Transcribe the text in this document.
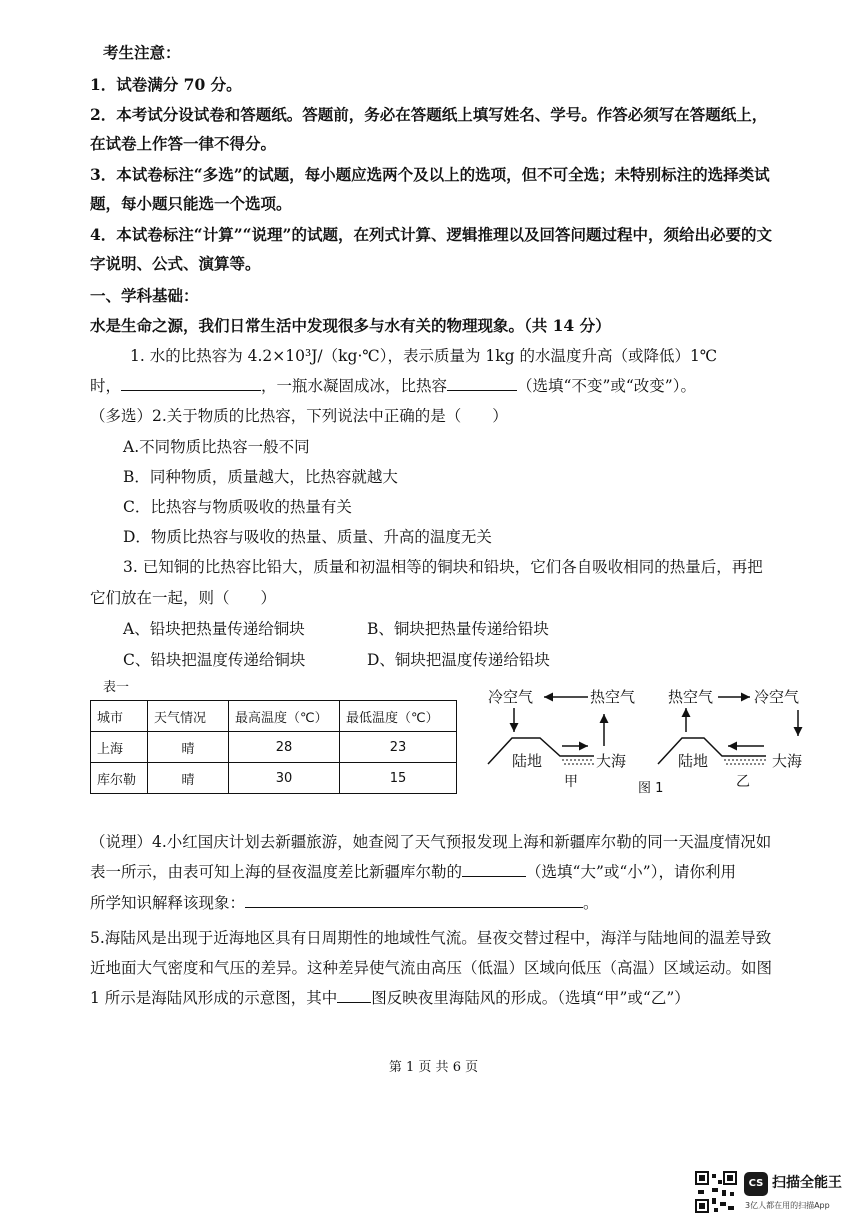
考生注意：
1．试卷满分 70 分。
2．本考试分设试卷和答题纸。答题前，务必在答题纸上填写姓名、学号。作答必须写在答题纸上，
在试卷上作答一律不得分。
3．本试卷标注“多选”的试题，每小题应选两个及以上的选项，但不可全选；未特别标注的选择类试
题，每小题只能选一个选项。
4．本试卷标注“计算”“说理”的试题，在列式计算、逻辑推理以及回答问题过程中，须给出必要的文
字说明、公式、演算等。
一、学科基础：
水是生命之源，我们日常生活中发现很多与水有关的物理现象。（共 14 分）
1. 水的比热容为 4.2×10³J/（kg·℃），表示质量为 1kg 的水温度升高（或降低）1℃
时，	，一瓶水凝固成冰，比热容	（选填“不变”或“改变”）。
（多选）2.关于物质的比热容，下列说法中正确的是（　　）
A.不同物质比热容一般不同
B．同种物质，质量越大，比热容就越大
C．比热容与物质吸收的热量有关
D．物质比热容与吸收的热量、质量、升高的温度无关
3. 已知铜的比热容比铅大，质量和初温相等的铜块和铅块，它们各自吸收相同的热量后，再把
它们放在一起，则（　　）
A、铅块把热量传递给铜块	B、铜块把热量传递给铅块
C、铅块把温度传递给铜块	D、铜块把温度传递给铅块
表一
城市	天气情况	最高温度（℃）	最低温度（℃）
上海	晴	28	23
库尔勒	晴	30	15
冷空气	热空气
陆地	大海
甲
热空气	冷空气
陆地	大海
乙
图 1
（说理）4.小红国庆计划去新疆旅游，她查阅了天气预报发现上海和新疆库尔勒的同一天温度情况如
表一所示，由表可知上海的昼夜温度差比新疆库尔勒的	（选填“大”或“小”），请你利用
所学知识解释该现象：	。
5.海陆风是出现于近海地区具有日周期性的地域性气流。昼夜交替过程中，海洋与陆地间的温差导致
近地面大气密度和气压的差异。这种差异使气流由高压（低温）区域向低压（高温）区域运动。如图
1 所示是海陆风形成的示意图，其中 图反映夜里海陆风的形成。（选填“甲”或“乙”）
第 1 页 共 6 页
CS 扫描全能王
3亿人都在用的扫描App
